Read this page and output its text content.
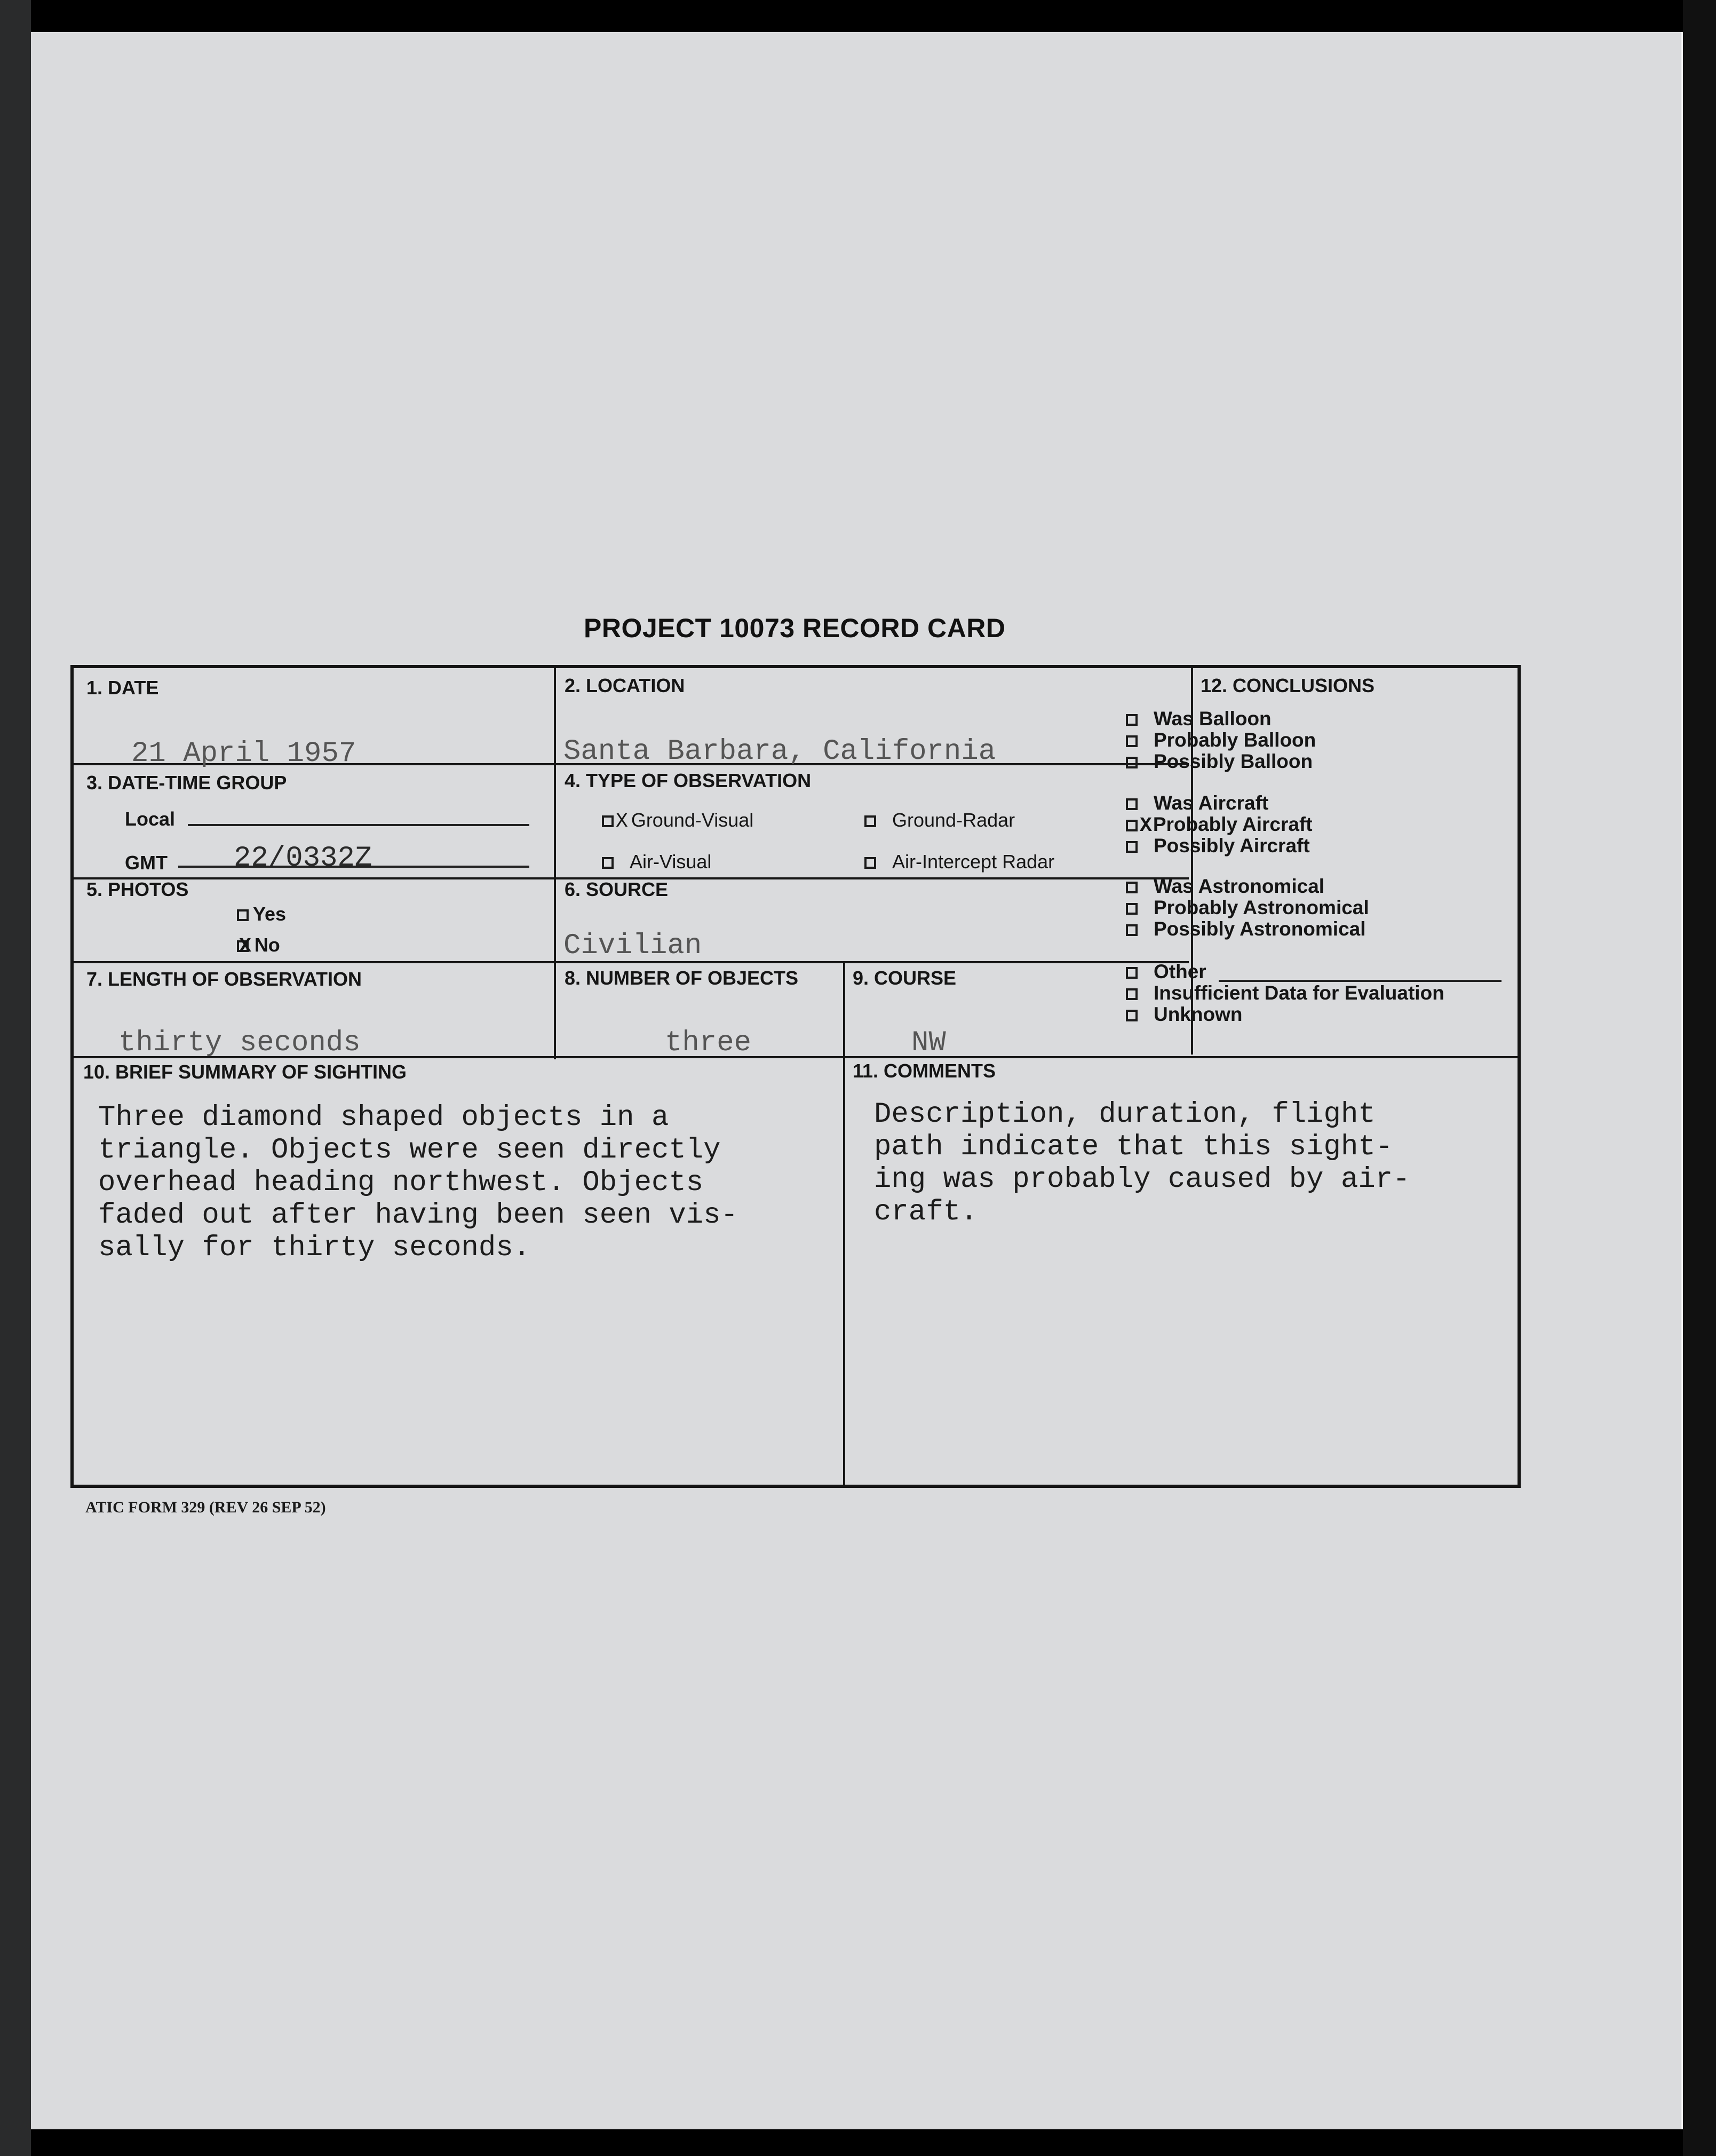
PROJECT 10073 RECORD CARD
1. DATE
21 April 1957
2. LOCATION
Santa Barbara, California
3. DATE-TIME GROUP
Local
GMT 22/0332Z
4. TYPE OF OBSERVATION
X Ground-Visual	Ground-Radar
Air-Visual	Air-Intercept Radar
5. PHOTOS
Yes
X No
6. SOURCE
Civilian
7. LENGTH OF OBSERVATION
thirty seconds
8. NUMBER OF OBJECTS
three
9. COURSE
NW
10. BRIEF SUMMARY OF SIGHTING
Three diamond shaped objects in a
triangle. Objects were seen directly
overhead heading northwest. Objects
faded out after having been seen vis-
sally for thirty seconds.
11. COMMENTS
Description, duration, flight
path indicate that this sight-
ing was probably caused by air-
craft.
12. CONCLUSIONS
Was Balloon
Probably Balloon
Possibly Balloon
Was Aircraft
XProbably Aircraft
Possibly Aircraft
Was Astronomical
Probably Astronomical
Possibly Astronomical
Other
Insufficient Data for Evaluation
Unknown
ATIC FORM 329 (REV 26 SEP 52)
